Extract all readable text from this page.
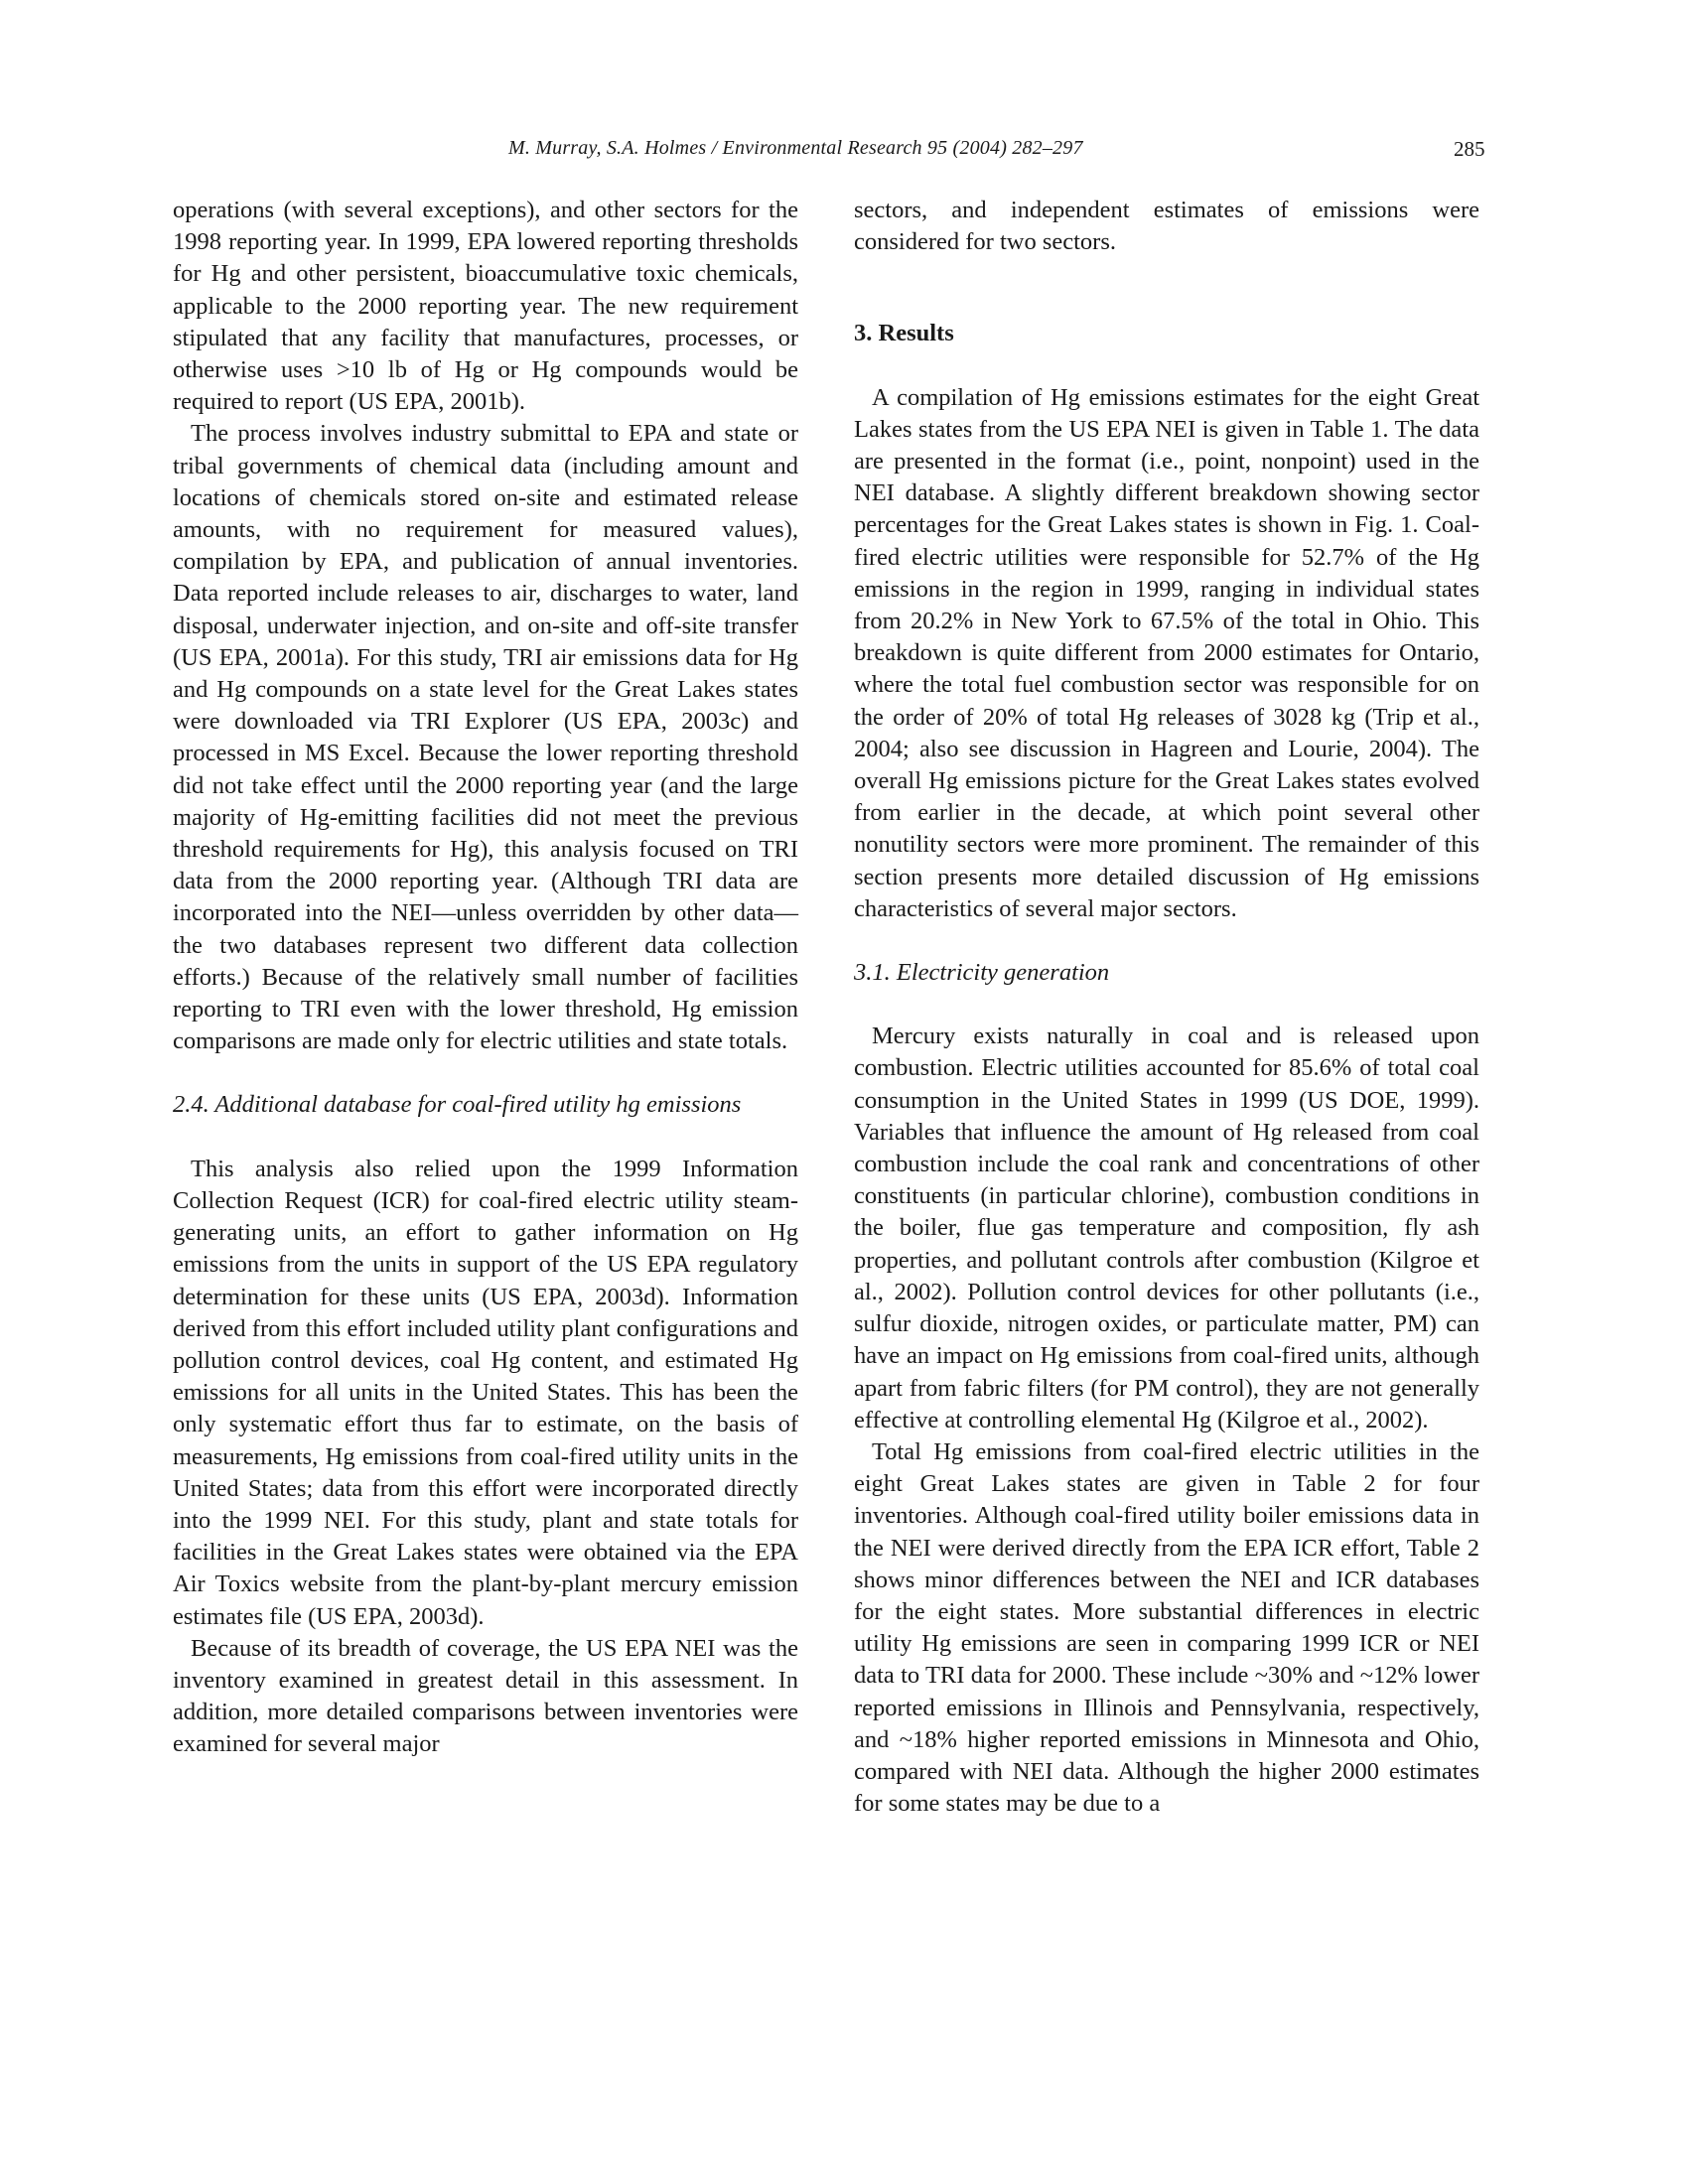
M. Murray, S.A. Holmes / Environmental Research 95 (2004) 282–297	285

operations (with several exceptions), and other sectors for the 1998 reporting year. In 1999, EPA lowered reporting thresholds for Hg and other persistent, bioaccumulative toxic chemicals, applicable to the 2000 reporting year. The new requirement stipulated that any facility that manufactures, processes, or otherwise uses >10 lb of Hg or Hg compounds would be required to report (US EPA, 2001b).

The process involves industry submittal to EPA and state or tribal governments of chemical data (including amount and locations of chemicals stored on-site and estimated release amounts, with no requirement for measured values), compilation by EPA, and publication of annual inventories. Data reported include releases to air, discharges to water, land disposal, underwater injection, and on-site and off-site transfer (US EPA, 2001a). For this study, TRI air emissions data for Hg and Hg compounds on a state level for the Great Lakes states were downloaded via TRI Explorer (US EPA, 2003c) and processed in MS Excel. Because the lower reporting threshold did not take effect until the 2000 reporting year (and the large majority of Hg-emitting facilities did not meet the previous threshold requirements for Hg), this analysis focused on TRI data from the 2000 reporting year. (Although TRI data are incorporated into the NEI—unless overridden by other data—the two databases represent two different data collection efforts.) Because of the relatively small number of facilities reporting to TRI even with the lower threshold, Hg emission comparisons are made only for electric utilities and state totals.

2.4. Additional database for coal-fired utility hg emissions

This analysis also relied upon the 1999 Information Collection Request (ICR) for coal-fired electric utility steam-generating units, an effort to gather information on Hg emissions from the units in support of the US EPA regulatory determination for these units (US EPA, 2003d). Information derived from this effort included utility plant configurations and pollution control devices, coal Hg content, and estimated Hg emissions for all units in the United States. This has been the only systematic effort thus far to estimate, on the basis of measurements, Hg emissions from coal-fired utility units in the United States; data from this effort were incorporated directly into the 1999 NEI. For this study, plant and state totals for facilities in the Great Lakes states were obtained via the EPA Air Toxics website from the plant-by-plant mercury emission estimates file (US EPA, 2003d).

Because of its breadth of coverage, the US EPA NEI was the inventory examined in greatest detail in this assessment. In addition, more detailed comparisons between inventories were examined for several major

sectors, and independent estimates of emissions were considered for two sectors.

3. Results

A compilation of Hg emissions estimates for the eight Great Lakes states from the US EPA NEI is given in Table 1. The data are presented in the format (i.e., point, nonpoint) used in the NEI database. A slightly different breakdown showing sector percentages for the Great Lakes states is shown in Fig. 1. Coal-fired electric utilities were responsible for 52.7% of the Hg emissions in the region in 1999, ranging in individual states from 20.2% in New York to 67.5% of the total in Ohio. This breakdown is quite different from 2000 estimates for Ontario, where the total fuel combustion sector was responsible for on the order of 20% of total Hg releases of 3028 kg (Trip et al., 2004; also see discussion in Hagreen and Lourie, 2004). The overall Hg emissions picture for the Great Lakes states evolved from earlier in the decade, at which point several other nonutility sectors were more prominent. The remainder of this section presents more detailed discussion of Hg emissions characteristics of several major sectors.

3.1. Electricity generation

Mercury exists naturally in coal and is released upon combustion. Electric utilities accounted for 85.6% of total coal consumption in the United States in 1999 (US DOE, 1999). Variables that influence the amount of Hg released from coal combustion include the coal rank and concentrations of other constituents (in particular chlorine), combustion conditions in the boiler, flue gas temperature and composition, fly ash properties, and pollutant controls after combustion (Kilgroe et al., 2002). Pollution control devices for other pollutants (i.e., sulfur dioxide, nitrogen oxides, or particulate matter, PM) can have an impact on Hg emissions from coal-fired units, although apart from fabric filters (for PM control), they are not generally effective at controlling elemental Hg (Kilgroe et al., 2002).

Total Hg emissions from coal-fired electric utilities in the eight Great Lakes states are given in Table 2 for four inventories. Although coal-fired utility boiler emissions data in the NEI were derived directly from the EPA ICR effort, Table 2 shows minor differences between the NEI and ICR databases for the eight states. More substantial differences in electric utility Hg emissions are seen in comparing 1999 ICR or NEI data to TRI data for 2000. These include ~30% and ~12% lower reported emissions in Illinois and Pennsylvania, respectively, and ~18% higher reported emissions in Minnesota and Ohio, compared with NEI data. Although the higher 2000 estimates for some states may be due to a
